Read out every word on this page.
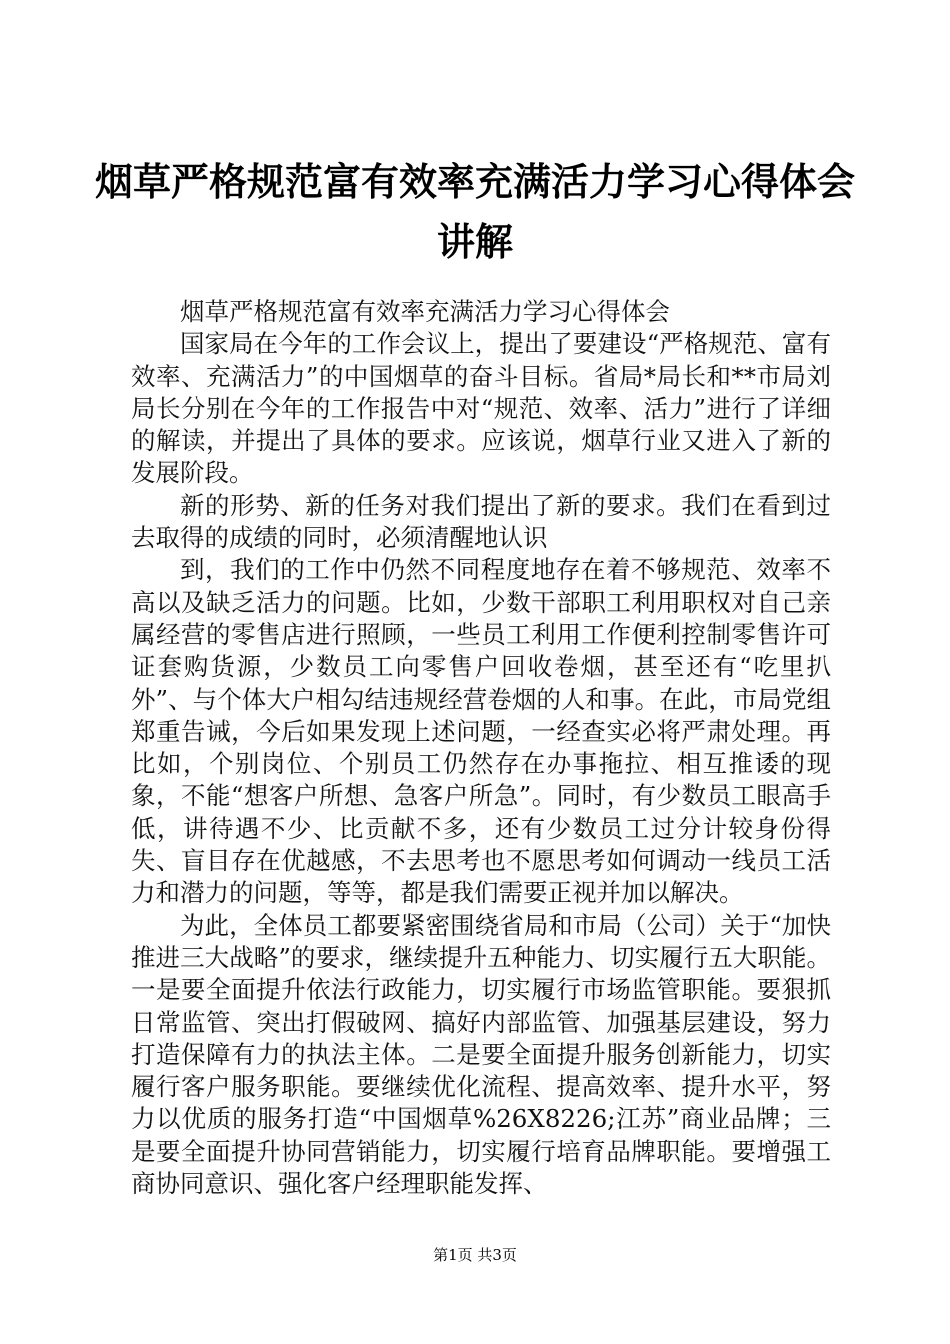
烟草严格规范富有效率充满活力学习心得体会
讲解

烟草严格规范富有效率充满活力学习心得体会

国家局在今年的工作会议上，提出了要建设“严格规范、富有效率、充满活力”的中国烟草的奋斗目标。省局*局长和**市局刘局长分别在今年的工作报告中对“规范、效率、活力”进行了详细的解读，并提出了具体的要求。应该说，烟草行业又进入了新的发展阶段。

新的形势、新的任务对我们提出了新的要求。我们在看到过去取得的成绩的同时，必须清醒地认识

到，我们的工作中仍然不同程度地存在着不够规范、效率不高以及缺乏活力的问题。比如，少数干部职工利用职权对自己亲属经营的零售店进行照顾，一些员工利用工作便利控制零售许可证套购货源，少数员工向零售户回收卷烟，甚至还有“吃里扒外”、与个体大户相勾结违规经营卷烟的人和事。在此，市局党组郑重告诫，今后如果发现上述问题，一经查实必将严肃处理。再比如，个别岗位、个别员工仍然存在办事拖拉、相互推诿的现象，不能“想客户所想、急客户所急”。同时，有少数员工眼高手低，讲待遇不少、比贡献不多，还有少数员工过分计较身份得失、盲目存在优越感，不去思考也不愿思考如何调动一线员工活力和潜力的问题，等等，都是我们需要正视并加以解决。

为此，全体员工都要紧密围绕省局和市局（公司）关于“加快推进三大战略”的要求，继续提升五种能力、切实履行五大职能。一是要全面提升依法行政能力，切实履行市场监管职能。要狠抓日常监管、突出打假破网、搞好内部监管、加强基层建设，努力打造保障有力的执法主体。二是要全面提升服务创新能力，切实履行客户服务职能。要继续优化流程、提高效率、提升水平，努力以优质的服务打造“中国烟草%26X8226;江苏”商业品牌；三是要全面提升协同营销能力，切实履行培育品牌职能。要增强工商协同意识、强化客户经理职能发挥、

第1页 共3页
